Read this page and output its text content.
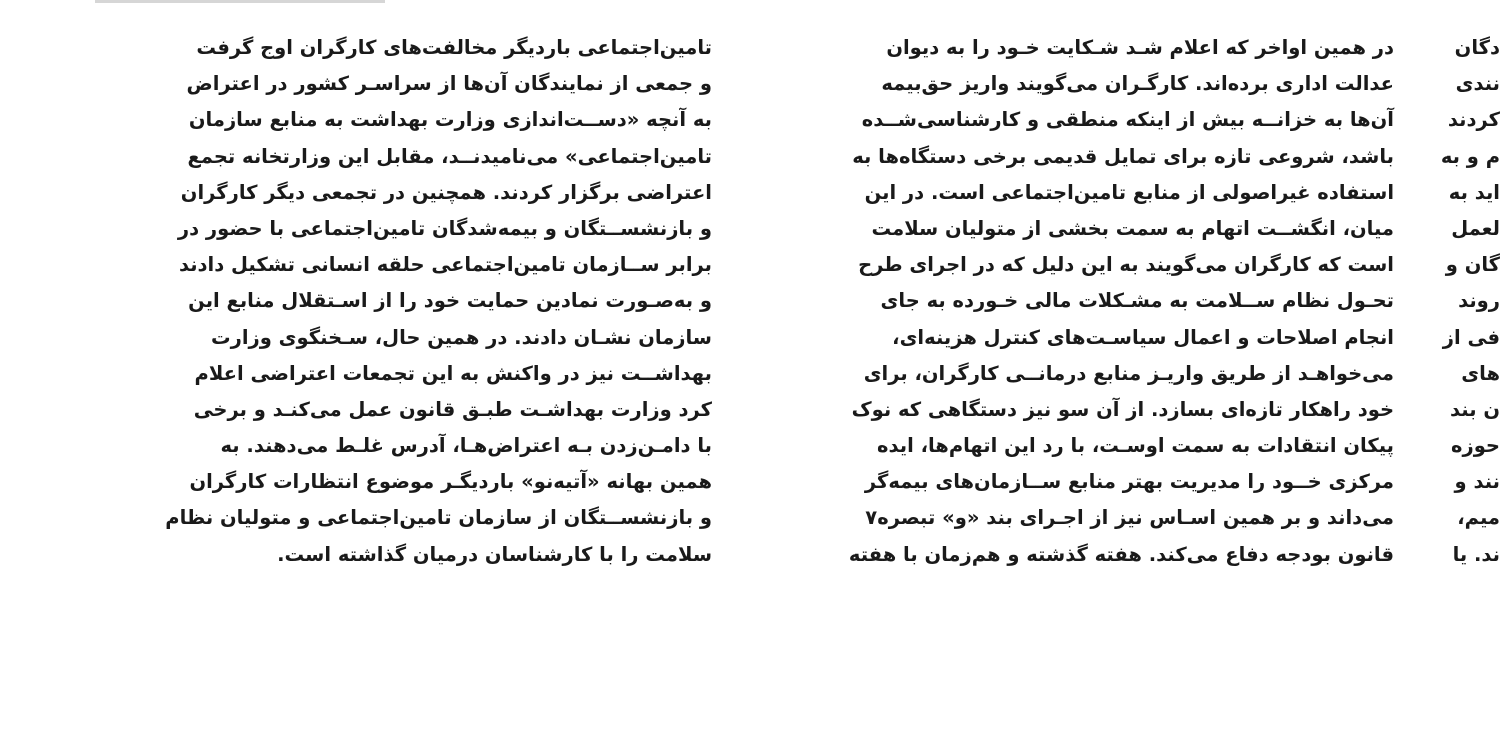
تامین‌اجتماعی باردیگر مخالفت‌های کارگران اوج گرفت
و جمعی از نمایندگان آن‌ها از سراسـر کشور در اعتراض
به آنچه «دســت‌اندازی وزارت بهداشت به منابع سازمان
تامین‌اجتماعی» می‌نامیدنــد، مقابل این وزارتخانه تجمع
اعتراضی برگزار کردند. همچنین در تجمعی دیگر کارگران
و بازنشســتگان و بیمه‌شدگان تامین‌اجتماعی با حضور در
برابر ســازمان تامین‌اجتماعی حلقه انسانی تشکیل دادند
و به‌صـورت نمادین حمایت خود را از اسـتقلال منابع این
سازمان نشـان دادند. در همین حال، سـخنگوی وزارت
بهداشــت نیز در واکنش به این تجمعات اعتراضی اعلام
کرد وزارت بهداشـت طبـق قانون عمل می‌کنـد و برخی
با دامـن‌زدن بـه اعتراض‌هـا، آدرس غلـط می‌دهند. به
همین بهانه «آتیه‌نو» باردیگـر موضوع انتظارات کارگران
و بازنشســتگان از سازمان تامین‌اجتماعی و متولیان نظام
سلامت را با کارشناسان درمیان گذاشته است.
در همین اواخر که اعلام شـد شـکایت خـود را به دیوان
عدالت اداری برده‌اند. کارگـران می‌گویند واریز حق‌بیمه
آن‌ها به خزانــه بیش از اینکه منطقی و کارشناسی‌شــده
باشد، شروعی تازه برای تمایل قدیمی برخی دستگاه‌ها به
استفاده غیراصولی از منابع تامین‌اجتماعی است. در این
میان، انگشــت اتهام به سمت بخشی از متولیان سلامت
است که کارگران می‌گویند به این دلیل که در اجرای طرح
تحـول نظام ســلامت به مشـکلات مالی خـورده به جای
انجام اصلاحات و اعمال سیاسـت‌های کنترل هزینه‌ای،
می‌خواهـد از طریق واریـز منابع درمانــی کارگران، برای
خود راهکار تازه‌ای بسازد. از آن سو نیز دستگاهی که نوک
پیکان انتقادات به سمت اوسـت، با رد این اتهام‌ها، ایده
مرکزی خــود را مدیریت بهتر منابع ســازمان‌های بیمه‌گر
می‌داند و بر همین اسـاس نیز از اجـرای بند «و» تبصره۷
قانون بودجه دفاع می‌کند. هفته گذشته و هم‌زمان با هفته
دگان
نندی
کردند
م و به
اید به
لعمل
گان و
روند
فی از
های
ن بند
حوزه
نند و
میم،
ند. یا
